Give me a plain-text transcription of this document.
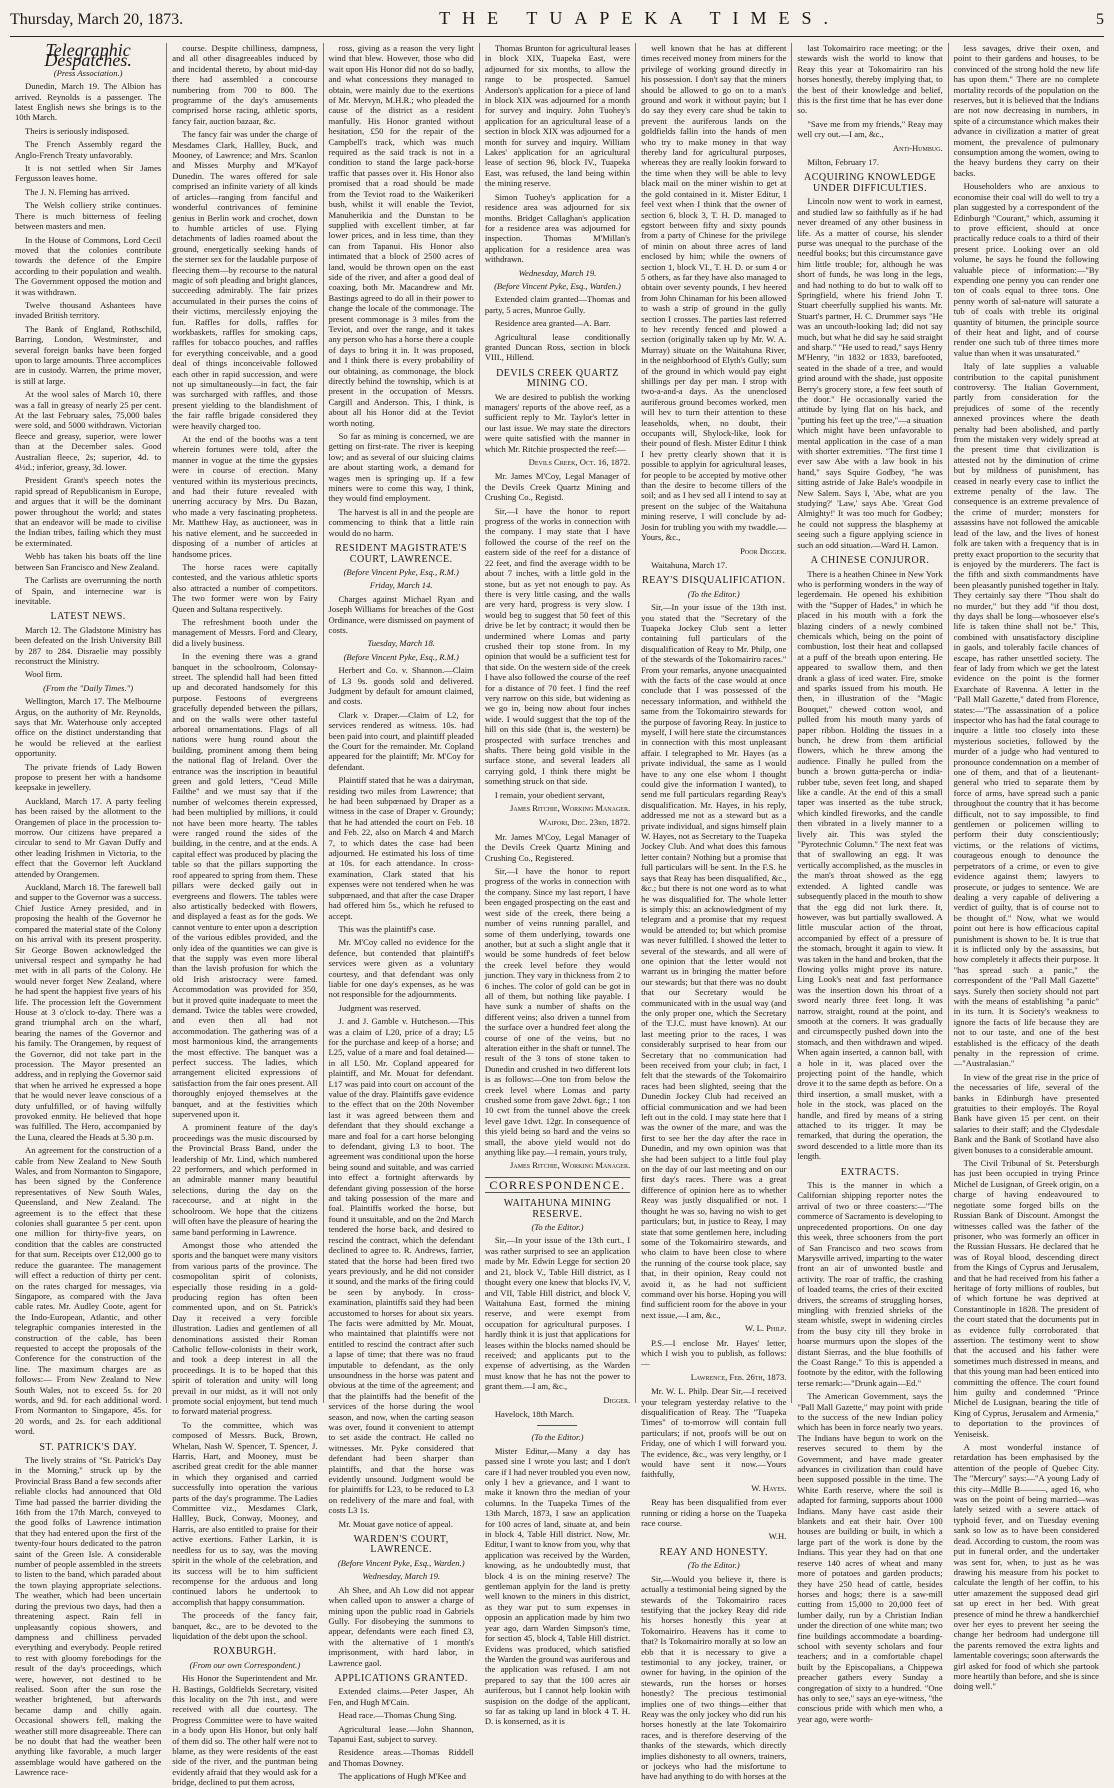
Thursday, March 20, 1873.	THE TUAPEKA TIMES.	5
Telegraphic Despatches.
(Press Association.)

Dunedin, March 19. The Albion has arrived. Reynolds is a passenger. The latest English news she brings is to the 10th March.

Theirs is seriously indisposed.

The French Assembly regard the Anglo-French Treaty unfavorably.

It is not settled when Sir James Fergusson leaves home.

The J. N. Fleming has arrived.

The Welsh colliery strike continues. There is much bitterness of feeling between masters and men.

In the House of Commons, Lord Cecil moved that the colonies contribute towards the defence of the Empire according to their population and wealth. The Government opposed the motion and it was withdrawn.

Twelve thousand Ashantees have invaded British territory.

The Bank of England, Rothschild, Barring, London, Westminster, and several foreign banks have been forged upon to large amounts. Three accomplices are in custody. Warren, the prime mover, is still at large.

At the wool sales of March 10, there was a fall in greasy of nearly 25 per cent. At the last February sales, 75,000 bales were sold, and 5000 withdrawn. Victorian fleece and greasy, superior, were lower than at the December sales. Good Australian fleece, 2s; superior, 4d. to 4½d.; inferior, greasy, 3d. lower.

President Grant's speech notes the rapid spread of Republicanism in Europe, and argues that it will be the dominant power throughout the world; and states that an endeavor will be made to civilise the Indian tribes, failing which they must be exterminated.

Webb has taken his boats off the line between San Francisco and New Zealand.

The Carlists are overrunning the north of Spain, and internecine war is inevitable.

LATEST NEWS.

March 12. The Gladstone Ministry has been defeated on the Irish University Bill by 287 to 284. Disraelie may possibly reconstruct the Ministry.

Wool firm.

(From the "Daily Times.")

Wellington, March 17. The Melbourne Argus, on the authority of Mr. Reynolds, says that Mr. Waterhouse only accepted office on the distinct understanding that he would be relieved at the earliest opportunity.

The private friends of Lady Bowen propose to present her with a handsome keepsake in jewellery.

Auckland, March 17. A party feeling has been raised by the allotment to the Orangemen of place in the procession to-morrow. Our citizens have prepared a circular to send to Mr Gavan Duffy and other leading Irishmen in Victoria, to the effect that the Governor left Auckland attended by Orangemen.

Auckland, March 18. The farewell ball and supper to the Governor was a success. Chief Justice Arney presided, and in proposing the health of the Governor he compared the material state of the Colony on his arrival with its present prosperity. Sir George Bowen acknowledged the universal respect and sympathy he had met with in all parts of the Colony. He would never forget New Zealand, where he had spent the happiest five years of his life. The procession left the Government House at 3 o'clock to-day. There was a grand triumphal arch on the wharf, bearing the names of the Governor and his family. The Orangemen, by request of the Governor, did not take part in the procession. The Mayor presented an address, and in replying the Governor said that when he arrived he expressed a hope that he would never leave conscious of a duty unfulfilled, or of having wilfully provoked enmity. He believed that hope was fulfilled. The Hero, accompanied by the Luna, cleared the Heads at 5.30 p.m.

An agreement for the construction of a cable from New Zealand to New South Wales, and from Normanton to Singapore, has been signed by the Conference representatives of New South Wales, Queensland, and New Zealand. The agreement is to the effect that these colonies shall guarantee 5 per cent. upon one million for thirty-five years, on condition that the cables are constructed for that sum. Receipts over £12,000 go to reduce the guarantee. The management will effect a reduction of thirty per cent. on the rates charged for messages, via Singapore, as compared with the Java cable rates. Mr. Audley Coote, agent for the Indo-European, Atlantic, and other telegraphic companies interested in the construction of the cable, has been requested to accept the proposals of the Conference for the construction of the line. The maximum charges are as follows:— From New Zealand to New South Wales, not to exceed 5s. for 20 words, and 9d. for each additional word. From Normanton to Singapore, 45s. for 20 words, and 2s. for each additional word.

ST. PATRICK'S DAY.

The lively strains of "St. Patrick's Day in the Morning," struck up by the Provincial Brass Band a few seconds after reliable clocks had announced that Old Time had passed the barrier dividing the 16th from the 17th March, conveyed to the good folks of Lawrence intimation that they had entered upon the first of the twenty-four hours dedicated to the patron saint of the Green Isle. A considerable number of people assembled in the streets to listen to the band, which paraded about the town playing appropriate selections. The weather, which had been uncertain during the previous two days, had then a threatening aspect. Rain fell in unpleasantly copious showers, and dampness and chilliness pervaded everything and everybody. People retired to rest with gloomy forebodings for the result of the day's proceedings, which were, however, not destined to be realised. Soon after the sun rose the weather brightened, but afterwards became damp and chilly again. Occasional showers fell, making the weather still more disagreeable. There can be no doubt that had the weather been anything like favorable, a much larger assemblage would have gathered on the Lawrence race-

course. Despite chilliness, dampness, and all other disagreeables induced by and incidental thereto, by about mid-day there had assembled a concourse numbering from 700 to 800. The programme of the day's amusements comprised horse racing, athletic sports, fancy fair, auction bazaar, &c.

The fancy fair was under the charge of Mesdames Clark, Hallley, Buck, and Mooney, of Lawrence; and Mrs. Scanlon and Misses Murphy and M'Kayof Dunedin. The wares offered for sale comprised an infinite variety of all kinds of articles—ranging from fanciful and wonderful contrivances of feminine genius in Berlin work and crochet, down to humble articles of use. Flying detachments of ladies roamed about the ground, energetically seeking hands of the sterner sex for the laudable purpose of fleecing them—by recourse to the natural magic of soft pleading and bright glances, succeeding admirably. The fair prizes accumulated in their purses the coins of their victims, mercilessly enjoying the fun. Raffles for dolls, raffles for workbaskets, raffles for smoking caps, raffles for tobacco pouches, and raffles for everything conceivable, and a good deal of things inconceivable followed each other in rapid succession, and were not up simultaneously—in fact, the fair was surcharged with raffles, and those present yielding to the blandishment of the fair raffle brigade considered they were heavily charged too.

At the end of the booths was a tent wherein fortunes were told, after the manner in vogue at the time the gypsies were in course of erection. Many ventured within its mysterious precincts, and had their future revealed with unerring accuracy by Mrs. Du Bazan, who made a very fascinating prophetess. Mr. Matthew Hay, as auctioneer, was in his native element, and he succeeded in disposing of a number of articles at handsome prices.

The horse races were capitally contested, and the various athletic sports also attracted a number of competitors. The two former were won by Fairy Queen and Sultana respectively.

The refreshment booth under the management of Messrs. Ford and Cleary, did a lively business.

In the evening there was a grand banquet in the schoolroom, Colonsay-street. The splendid hall had been fitted up and decorated handsomely for this purpose. Festoons of evergreens gracefully depended between the pillars, and on the walls were other tasteful arboreal ornamentations. Flags of all nations were hung round about the building, prominent among them being the national flag of Ireland. Over the entrance was the inscription in beautiful green and gold letters, "Ceud Mille Failthe" and we must say that if the number of welcomes therein expressed, had been multiplied by millions, it could not have been more hearty. The tables were ranged round the sides of the building, in the centre, and at the ends. A capital effect was produced by placing the table so that the pillars supporting the roof appeared to spring from them. These pillars were decked gaily out in evergreens and flowers. The tables were also artistically bedecked with flowers, and displayed a feast as for the gods. We cannot venture to enter upon a description of the various edibles provided, and the only idea of the quantities we can give is that the supply was even more liberal than the lavish profusion for which the old Irish aristocracy were famed. Accommodation was provided for 350, but it proved quite inadequate to meet the demand. Twice the tables were crowded, and even then all had not accommodation. The gathering was of a most harmonious kind, the arrangements the most effective. The banquet was a perfect success. The ladies, which arrangement elicited expressions of satisfaction from the fair ones present. All thoroughly enjoyed themselves at the banquet, and at the festivities which supervened upon it.

A prominent feature of the day's proceedings was the music discoursed by the Provincial Brass Band, under the leadership of Mr. Lind, which numbered 22 performers, and which performed in an admirable manner many beautiful selections, during the day on the racecourse, and at night in the schoolroom. We hope that the citizens will often have the pleasure of hearing the same band performing in Lawrence.

Amongst those who attended the sports and the banquet were many visitors from various parts of the province. The cosmopolitan spirit of colonists, especially those residing in a gold-producing region has often been commented upon, and on St. Patrick's Day it received a very forcible illustration. Ladies and gentlemen of all denominations assisted their Roman Catholic fellow-colonists in their work, and took a deep interest in all the proceedings. It is to be hoped that this spirit of toleration and unity will long prevail in our midst, as it will not only promote social enjoyment, but tend much to forward material progress.

To the committee, which was composed of Messrs. Buck, Brown, Whelan, Nash W. Spencer, T. Spencer, J. Harris, Hart, and Mooney, must be ascribed great credit for the able manner in which they organised and carried successfully into operation the various parts of the day's programme. The Ladies Committee viz., Mesdames Clark, Hallley, Buck, Conway, Mooney, and Harris, are also entitled to praise for their active exertions. Father Larkin, it is needless for us to say, was the moving spirit in the whole of the celebration, and its success will be to him sufficient recompense for the arduous and long continued labors he undertook to accomplish that happy consummation.

The proceeds of the fancy fair, banquet, &c., are to be devoted to the liquidation of the debt upon the school.

ROXBURGH.
(From our own Correspondent.)

His Honor the Superintendent and Mr. H. Bastings, Goldfields Secretary, visited this locality on the 7th inst., and were received with all due courtesy. The Progress Committee were to have waited in a body upon His Honor, but only half of them did so. The other half were not to blame, as they were residents of the east side of the river, and the puntman being evidently afraid that they would ask for a bridge, declined to put them across,

ross, giving as a reason the very light wind that blew. However, those who did wait upon His Honor did not do so badly, and what concessions they managed to obtain, were mainly due to the exertions of Mr. Mervyn, M.H.R.; who pleaded the cause of the district as a resident manfully. His Honor granted without hesitation, £50 for the repair of the Campbell's track, which was much required as the said track is not in a condition to stand the large pack-horse traffic that passes over it. His Honor also promised that a road should be made from the Teviot road to the Waikerikeri bush, whilst it will enable the Teviot, Manuherikia and the Dunstan to be supplied with excellent timber, at far lower prices, and in less time, than they can from Tapanui. His Honor also intimated that a block of 2500 acres of land, would be thrown open on the east side of the river, and after a good deal of coaxing, both Mr. Macandrew and Mr. Bastings agreed to do all in their power to change the locale of the commonage. The present commonage is 3 miles from the Teviot, and over the range, and it takes any person who has a horse there a couple of days to bring it in. It was proposed, and I think there is every probability of our obtaining, as commonage, the block directly behind the township, which is at present in the occupation of Messrs. Cargill and Anderson. This, I think, is about all his Honor did at the Teviot worth noting.

So far as mining is concerned, we are getting on first-rate. The river is keeping low; and as several of our sluicing claims are about starting work, a demand for wages men is springing up. If a few miners were to come this way, I think, they would find employment.

The harvest is all in and the people are commencing to think that a little rain would do no harm.

RESIDENT MAGISTRATE'S COURT, LAWRENCE.
(Before Vincent Pyke, Esq., R.M.)
Friday, March 14.

Charges against Michael Ryan and Joseph Williams for breaches of the Gost Ordinance, were dismissed on payment of costs.

Tuesday, March 18.
(Before Vincent Pyke, Esq., R.M.)

Herbert and Co. v. Shannon.—Claim of L3 9s. goods sold and delivered. Judgment by default for amount claimed, and costs.

Clark v. Draper.—Claim of L2, for services rendered as witness. 10s. had been paid into court, and plaintiff pleaded the Court for the remainder. Mr. Copland appeared for the plaintiff; Mr. M'Coy for defendant.

Plaintiff stated that he was a dairyman, residing two miles from Lawrence; that he had been subpœnaed by Draper as a witness in the case of Draper v. Groundy; that he had attended the court on Feb. 18 and Feb. 22, also on March 4 and March 7, to which dates the case had been adjourned. He estimated his loss of time at 10s. for each attendance. In cross-examination, Clark stated that his expenses were not tendered when he was subpœnaed, and that after the case Draper had offered him 5s., which he refused to accept.

This was the plaintiff's case.

Mr. M'Coy called no evidence for the defence, but contended that plaintiff's services were given as a voluntary courtesy, and that defendant was only liable for one day's expenses, as he was not responsible for the adjournments.

Judgment was reserved.

J. and J. Gamble v. Hutcheson.—This was a claim of L20, price of a dray; L5 for the purchase and keep of a horse; and L25, value of a mare and foal detained—in all L50. Mr. Copland appeared for plaintiff, and Mr. Mouat for defendant. L17 was paid into court on account of the value of the dray. Plaintiffs gave evidence to the effect that on the 20th November last it was agreed between them and defendant that they should exchange a mare and foal for a cart horse belonging to defendant, giving L3 to boot. The agreement was conditional upon the horse being sound and suitable, and was carried into effect a fortnight afterwards by defendant giving possession of the horse and taking possession of the mare and foal. Plaintiffs worked the horse, but found it unsuitable, and on the 2nd March tendered the horse back, and desired to rescind the contract, which the defendant declined to agree to. R. Andrews, farrier, stated that the horse had been fired two years previously, and he did not consider it sound, and the marks of the firing could be seen by anybody. In cross-examination, plaintiffs said they had been accustomed to horses for about six years. The facts were admitted by Mr. Mouat, who maintained that plaintiffs were not entitled to rescind the contract after such a lapse of time; that there was no fraud imputable to defendant, as the only unsoundness in the horse was patent and obvious at the time of the agreement; and that the plaintiffs had the benefit of the services of the horse during the wool season, and now, when the carting season was over, found it convenient to attempt to set aside the contract. He called no witnesses. Mr. Pyke considered that defendant had been sharper than plaintiffs, and that the horse was evidently unsound. Judgment would be for plaintiffs for L23, to be reduced to L3 on redelivery of the mare and foal, with costs L3 1s.

Mr. Mouat gave notice of appeal.

WARDEN'S COURT, LAWRENCE.
(Before Vincent Pyke, Esq., Warden.)
Wednesday, March 19.

Ah Shee, and Ah Low did not appear when called upon to answer a charge of mining upon the public road in Gabriels Gully. For disobeying the summons to appear, defendants were each fined £3, with the alternative of 1 month's imprisonment, with hard labor, in Lawrence gaol.

APPLICATIONS GRANTED.

Extended claims.—Peter Jasper, Ah Fen, and Hugh M'Cain.

Head race.—Thomas Chung Sing.

Agricultural lease.—John Shannon, Tapanui East, subject to survey.

Residence areas.—Thomas Riddell and Thomas Downey.

The applications of Hugh M'Kee and

Thomas Brunton for agricultural leases in block XIX, Tuapeka East, were adjourned for six months, to allow the range to be prospected. Samuel Anderson's application for a piece of land in block XIX was adjourned for a month for survey and inquiry. John Tuohey's application for an agricultural lease of a section in block XIX was adjourned for a month for survey and inquiry. William Lakes' application for an agricultural lease of section 96, block IV., Tuapeka East, was refused, the land being within the mining reserve.

Simon Tuohey's application for a residence area was adjourned for six months. Bridget Callaghan's application for a residence area was adjourned for inspection. Thomas M'Millan's application for a residence area was withdrawn.

Wednesday, March 19.
(Before Vincent Pyke, Esq., Warden.)

Extended claim granted—Thomas and party, 5 acres, Munroe Gully.

Residence area granted—A. Barr.

Agricultural lease conditionally granted Duncan Ross, section in block VIII., Hillend.

DEVILS CREEK QUARTZ MINING CO.

We are desired to publish the working managers' reports of the above reef, as a sufficient reply to Mr. Taylor's letter in our last issue. We may state the directors were quite satisfied with the manner in which Mr. Ritchie prospected the reef:—

Devils Creek, Oct. 16, 1872.

Mr. James M'Coy, Legal Manager of the Devils Creek Quartz Mining and Crushing Co., Registd.

Sir,—I have the honor to report progress of the works in connection with the company. I may state that I have followed the course of the reef on the eastern side of the reef for a distance of 22 feet, and find the average width to be about 7 inches, with a little gold in the stone, but as yet not enough to pay. As there is very little casing, and the walls are very hard, progress is very slow. I would beg to suggest that 50 feet of this drive be let by contract; it would then be undermined where Lomas and party crushed their top stone from. In my opinion that would be a sufficient test for that side. On the western side of the creek I have also followed the course of the reef for a distance of 70 feet. I find the reef very narrow on this side, but widening as we go in, being now about four inches wide. I would suggest that the top of the hill on this side (that is, the western) be prospected with surface trenches and shafts. There being gold visible in the surface stone, and several leaders all carrying gold, I think there might be something struck on that side.

I remain, your obedient servant,

James Ritchie, Working Manager.
Waipori, Dec. 23rd, 1872.

Mr. James M'Coy, Legal Manager of the Devils Creek Quartz Mining and Crushing Co., Registered.

Sir,—I have the honor to report progress of the works in connection with the company. Since my last report, I have been engaged prospecting on the east and west side of the creek, there being a number of veins running parallel, and some of them underlying, towards one another, but at such a slight angle that it would be some hundreds of feet below the creek level before they would junction. They vary in thickness from 2 to 6 inches. The color of gold can be got in all of them, but nothing like payable. I have sunk a number of shafts on the different veins; also driven a tunnel from the surface over a hundred feet along the course of one of the veins, but no alteration either in the shaft or tunnel. The result of the 3 tons of stone taken to Dunedin and crushed in two different lots is as follows:—One ton from below the creek level where Lomas and party crushed some from gave 2dwt. 6gr.; 1 ton 10 cwt from the tunnel above the creek level gave 1dwt. 12gr. In consequence of this yield being so hard and the veins so small, the above yield would not do anything like pay.—I remain, yours truly,

James Ritchie, Working Manager.
CORRESPONDENCE.
WAITAHUNA MINING RESERVE.
(To the Editor.)

Sir,—In your issue of the 13th curt., I was rather surprised to see an application made by Mr. Edwin Legge for section 20 and 21, block V., Table Hill district, as I thought every one knew that blocks IV, V, and VII, Table Hill district, and block V, Waitahuna East, formed the mining reserve, and were exempt from occupation for agricultural purposes. I hardly think it is just that applications for leases within the blocks named should be received; and applicants put to the expense of advertising, as the Warden must know that he has not the power to grant them.—I am, &c.,

Digger.

Havelock, 18th March.

(To the Editor.)

Mister Editur,—Many a day has passed sine I wrote you last; and I don't care if I had never troubled you even now, only I hev a grievance, and I want to make it known thro the median of your columns. In the Tuapeka Times of the 13th March, 1873, I saw an application for 100 acres of land, situate at, and bein in block 4, Table Hill district. Now, Mr. Editur, I want to know from you, why that application was received by the Warden, knowing, as he undoubtedly must, that block 4 is on the mining reserve? The gentleman applyin for the land is pretty well known to the miners in this district, as they war put to sum expenses in opposin an application made by him two year ago, darn Warden Simpson's time, for section 45, block 4, Table Hill district. Evidens was produced, which satisfied the Warden the ground was auriferous and the application was refused. I am not prepared to say that the 100 acres air auriferous, but I cannot help lookin with suspision on the dodge of the applicant, so far as taking up land in block 4 T. H. D. is konserned, as it is

well known that he has at different times received money from miners for the privilege of working ground directly in his possession. I don't say that the miners should be allowed to go on to a man's ground and work it without payin; but I do say they every care shud be takin to prevent the auriferous lands on the goldfields fallin into the hands of men who try to make money in that way thereby land for agricultural purposes, whereas they are really lookin forward to the time when they will be able to levy black mail on the miner wishin to get at the gold contained in it. Mister Editur, I feel vext when I think that the owner of section 6, block 3, T. H. D. managed to egstort between fifty and sixty pounds from a party of Chinese for the privilege of minin on about three acres of land enclosed by him; while the owners of section 1, block VI., T. H. D. or sum 4 or 5 others, as far they have also managed to obtain over seventy pounds, I hev heered from John Chinaman for his been allowed to wash a strip of ground in the gully section I crosses. The parties last referred to hev recently fenced and plowed a section (originally taken up by Mr. W. A. Murray) situate on the Waitahuna River, in the neighborhood of Elyth's Gully; sum of the ground in which would pay eight shillings per day per man. I strop with two-a-and-a days. As the unenclosed auriferous ground becomes worked, men will hev to turn their attention to these leaseholds, when, no doubt, their occupants will, Shylock-like, look for their pound of flesh. Mister Editur I think I hev pretty clearly shown that it is possible to applyin for agricultural leases, for people to be accepted by motive other than the desire to become tillers of the soil; and as I hev sed all I intend to say at present on the subjec of the Waitahuna mining reserve, I will conclude by ad-Josin for trubling you with my twaddle.—Yours, &c.,

Poor Digger.

Waitahuna, March 17.

REAY'S DISQUALIFICATION.
(To the Editor.)

Sir,—In your issue of the 13th inst. you stated that the "Secretary of the Tuapeka Jockey Club sent a letter containing full particulars of the disqualification of Reay to Mr. Philp, one of the stewards of the Tokomairiro races." From your remarks, anyone unacquainted with the facts of the case would at once conclude that I was possessed of the necessary information, and withheld the same from the Tokomairiro stewards for the purpose of favoring Reay. In justice to myself, I will here state the circumstances in connection with this most unpleasant affair. I telegraphed to Mr. Hayes (as a private individual, the same as I would have to any one else whom I thought could give the information I wanted), to send me full particulars regarding Reay's disqualification. Mr. Hayes, in his reply, addressed me not as a steward but as a private individual, and signs himself plain W. Hayes, not as Secretary to the Tuapeka Jockey Club. And what does this famous letter contain? Nothing but a promise that full particulars will be sent. In the F.S. he says that Reay has been disqualified, &c., &c.; but there is not one word as to what he was disqualified for. The whole letter is simply this: an acknowledgment of my telegram and a promise that my request would be attended to; but which promise was never fulfilled. I showed the letter to several of the stewards, and all were of one opinion that the letter would not warrant us in bringing the matter before our stewards; but that there was no doubt that our Secretary would be communicated with in the usual way (and the only proper one, which the Secretary of the T.J.C. must have known). At our last meeting prior to the races, I was considerably surprised to hear from our Secretary that no communication had been received from your club; in fact, I felt that the stewards of the Tokomairiro races had been slighted, seeing that the Dunedin Jockey Club had received an official communication and we had been left out in the cold. I may state here that I was the owner of the mare, and was the first to see her the day after the race in Dunedin, and my own opinion was that she had been subject to a little foul play on the day of our last meeting and on our first day's races. There was a great difference of opinion here as to whether Reay was justly disqualified or not. I thought he was so, having no wish to get particulars; but, in justice to Reay, I may state that some gentlemen here, including some of the Tokomairiro stewards, and who claim to have been close to where the running of the course took place, say that, in their opinion, Reay could not avoid it, as he had not sufficient command over his horse. Hoping you will find sufficient room for the above in your next issue,—I am, &c.,

W. L. Philp.

P.S.—I enclose Mr. Hayes' letter, which I wish you to publish, as follows:—

Lawrence, Feb. 26th, 1873.

Mr. W. L. Philp. Dear Sir,—I received your telegram yesterday relative to the disqualification of Reay. The "Tuapeka Times" of to-morrow will contain full particulars; if not, proofs will be out on Friday, one of which I will forward you. The evidence, &c., was very lengthy, or I would have sent it now.—Yours faithfully,

W. Hayes.

Reay has been disqualified from ever running or riding a horse on the Tuapeka race course.

W.H.
REAY AND HONESTY.
(To the Editor.)

Sir,—Would you believe it, there is actually a testimonial being signed by the stewards of the Tokomairiro races testifying that the jockey Reay did ride his horses honestly this year at Tokomairiro. Heavens has it come to that? Is Tokomairiro morally at so low an ebb that it is necessary to give a testimonial to any jockey, trainer, or owner for having, in the opinion of the stewards, run the horses or horses honestly? The precious testimonial implies one of two things—either that Reay was the only jockey who did run his horses honestly at the late Tokomairiro races, and is therefore deserving of the thanks of the stewards, which directly implies dishonesty to all owners, trainers, or jockeys who had the misfortune to have had anything to do with horses at the

last Tokomairiro race meeting; or the stewards wish the world to know that Reay this year at Tokomairiro ran his horses honestly, thereby implying that, to the best of their knowledge and belief, this is the first time that he has ever done so.

"Save me from my friends," Reay may well cry out.—I am, &c.,

Anti-Humbug.

Milton, February 17.

ACQUIRING KNOWLEDGE UNDER DIFFICULTIES.

Lincoln now went to work in earnest, and studied law so faithfully as if he had never dreamed of any other business in life. As a matter of course, his slender purse was unequal to the purchase of the needful books; but this circumstance gave him little trouble; for, although he was short of funds, he was long in the legs, and had nothing to do but to walk off to Springfield, where his friend John T. Stuart cheerfully supplied his wants. Mr. Stuart's partner, H. C. Drummer says "He was an uncouth-looking lad; did not say much, but what he did say he said straight and sharp." "He used to read," says Henry M'Henry, "in 1832 or 1833, barefooted, seated in the shade of a tree, and would grind around with the shade, just opposite Berry's grocery store, a few feet south of the door." He occasionally varied the attitude by lying flat on his back, and "putting his feet up the tree,"—a situation which might have been unfavorable to mental application in the case of a man with shorter extremities. "The first time I ever saw Abe with a law book in his hand," says Squire Godbey, "he was sitting astride of Jake Bale's woodpile in New Salem. Says I, 'Abe, what are you studying?' 'Law,' says Abe. 'Great God Almighty!' It was too much for Godbey; he could not suppress the blasphemy at seeing such a figure applying science in such an odd situation.—Ward H. Lamon.

A CHINESE CONJUROR.

There is a heathen Chinee in New York who is performing wonders in the way of legerdemain. He opened his exhibition with the "Supper of Hades," in which he placed in his mouth with a fork the blazing cinders of a newly combined chemicals which, being on the point of combustion, lost their heat and collapsed at a puff of the breath upon entering. He appeared to swallow them, and then drank a glass of iced water. Fire, smoke and sparks issued from his mouth. He then, in illustration of the "Magic Bouquet," chewed cotton wool, and pulled from his mouth many yards of paper ribbon. Holding the tissues in a bunch, he drew from them artificial flowers, which he threw among the audience. Finally he pulled from the bunch a brown gutta-percha or india-rubber tube, seven feet long, and shaped like a candle. At the end of this a small taper was inserted as the tube struck, which kindled fireworks, and the candle then vibrated in a lively manner to a lively air. This was styled the "Pyrotechnic Column." The next feat was that of swallowing an egg. It was vertically accomplished, as the muscles in the man's throat showed as the egg extended. A lighted candle was subsequently placed in the mouth to show that the egg did not lurk there. It, however, was but partially swallowed. A little muscular action of the throat, accompanied by effect of a pressure of the stomach, brought it again to view. It was taken in the hand and broken, that the flowing yolks might prove its nature. Ling Look's neat and fast performance was the insertion down his throat of a sword nearly three feet long. It was narrow, straight, round at the point, and smooth at the corners. It was gradually and circumspectly pushed down into the stomach, and then withdrawn and wiped. When again inserted, a cannon ball, with a hole in it, was placed over the projecting point of the handle, which drove it to the same depth as before. On a third insertion, a small musket, with a hole in the stock, was placed on the handle, and fired by means of a string attached to its trigger. It may be remarked, that during the operation, the sword descended to a little more than its length.

EXTRACTS.

This is the manner in which a Californian shipping reporter notes the arrival of two or three coasters:—"The commerce of Sacramento is developing to unprecedented proportions. On one day this week, three schooners from the port of San Francisco and two scows from Marysville arrived, imparting to the water front an air of unwonted bustle and activity. The roar of traffic, the crashing of loaded teams, the cries of their excited drivers, the screams of struggling horses, mingling with frenzied shrieks of the steam whistle, swept in widening circles from the busy city till they broke in hoarse murmurs upon the slopes of the distant Sierras, and the blue foothills of the Coast Range." To this is appended a footnote by the editor, with the following terse remark:—"Drunk again—Ed."

The American Government, says the "Pall Mall Gazette," may point with pride to the success of the new Indian policy which has been in force nearly two years. The Indians have begun to work on the reserves secured to them by the Government, and have made greater advances in civilization than could have been supposed possible in the time. The White Earth reserve, where the soil is adapted for farming, supports about 1000 Indians. Many have cast aside their blankets and eat their hair. Over 100 houses are building or built, in which a large part of the work is done by the Indians. This year they had on that one reserve 140 acres of wheat and many more of potatoes and garden products; they have 250 head of cattle, besides horses and hogs; there is a saw-mill cutting from 15,000 to 20,000 feet of lumber daily, run by a Christian Indian under the direction of one white man; two fine buildings accommodate a boarding-school with seventy scholars and four teachers; and in a comfortable chapel built by the Episcopalians, a Chippewa preacher gathers every Sunday a congregation of sixty to a hundred. "One has only to see," says an eye-witness, "the conscious pride with which men who, a year ago, were worth-

less savages, drive their oxen, and point to their gardens and houses, to be convinced of the strong hold the new life has upon them." There are no complete mortality records of the population on the reserves, but it is believed that the Indians are not now decreasing in numbers, in spite of a circumstance which makes their advance in civilization a matter of great moment, the prevalence of pulmonary consumption among the women, owing to the heavy burdens they carry on their backs.

Householders who are anxious to economise their coal will do well to try a plan suggested by a correspondent of the Edinburgh "Courant," which, assuming it to prove efficient, should at once practically reduce coals to a third of their present price. Looking over an old volume, he says he found the following valuable piece of information:—"By expending one penny you can render one ton of coals equal to three tons. One penny worth of sal-nature will saturate a tub of coals with treble its original quantity of bitumen, the principle source of their heat and light, and of course render one such tub of three times more value than when it was unsaturated."

Italy of late supplies a valuable contribution to the capital punishment controversy. The Italian Government, partly from consideration for the prejudices of some of the recently annexed provinces where the death penalty had been abolished, and partly from the mistaken very widely spread at the present time that civilization is attested not by the diminution of crime but by mildness of punishment, has ceased in nearly every case to inflict the extreme penalty of the law. The consequence is an extreme prevalence of the crime of murder; monsters for assassins have not followed the amicable lead of the law, and the lives of honest folk are taken with a frequency that is in pretty exact proportion to the security that is enjoyed by the murderers. The fact is the fifth and sixth commandments have been pleasantly punished together in Italy. They certainly say there "Thou shalt do no murder," but they add "if thou dost, thy days shall be long—whosoever else's life is taken thine shall not be." This, combined with unsatisfactory discipline in gaols, and tolerably facile chances of escape, has rather unsettled society. The fear of lady from which we get the latest evidence on the point is the former Exarchate of Ravenna. A letter in the "Pall Mall Gazette," dated from Florence, states:—"The assassination of a police inspector who has had the fatal courage to inquire a little too closely into these mysterious societies, followed by the murder of a judge who had ventured to pronounce condemnation on a member of one of them, and that of a lieutenant-general who tried to separate them by force of arms, have spread such a panic throughout the country that it has become difficult, not to say impossible, to find gentlemen or policemen willing to perform their duty conscientiously; victims, or the relations of victims, courageous enough to denounce the perpetrators of a crime, or even to give evidence against them; lawyers to prosecute, or judges to sentence. We are dealing a very capable of delivering a verdict of guilty, that is of course not to be thought of." Now, what we would point out here is how efficacious capital punishment is shown to be. It is true that it is inflicted only by the assassins, but how completely it affects their purpose. It "has spread such a panic," the correspondent of the "Pall Mall Gazette" says. Surely then society should not part with the means of establishing "a panic" in its turn. It is Society's weakness to ignore the facts of life because they are not to our taste, and one of the best established is the efficacy of the death penalty in the repression of crime.—"Australasian."

In view of the great rise in the price of the necessaries of life, several of the banks in Edinburgh have presented gratuities to their employés. The Royal Bank have given 15 per cent. on their salaries to their staff; and the Clydesdale Bank and the Bank of Scotland have also given bonuses to a considerable amount.

The Civil Tribunal of St. Petersburgh has just been occupied in trying Prince Michel de Lusignan, of Greek origin, on a charge of having endeavoured to negotiate some forged bills on the Russian Bank of Discount. Amongst the witnesses called was the father of the prisoner, who was formerly an officer in the Russian Hussars. He declared that he was of Royal blood, descending direct from the Kings of Cyprus and Jerusalem, and that he had received from his father a heritage of forty millions of roubles, but of which fortune he was deprived at Constantinople in 1828. The president of the court stated that the documents put in as evidence fully corroborated that assertion. The testimony went to show that the accused and his father were sometimes much distressed in means, and that this young man had been enticed into committing the offence. The court found him guilty and condemned "Prince Michel de Lusignan, bearing the title of King of Cyprus, Jerusalem and Armenia," to deportation to the provinces of Yeniseisk.

A most wonderful instance of retardation has been emphasised by the attention of the people of Quebec City. The "Mercury" says:—"A young Lady of this city—Mdlle B———, aged 16, who was on the point of being married—was lately seized with a severe attack of typhoid fever, and on Tuesday evening sank so low as to have been considered dead. According to custom, the room was put in funeral order, and the undertaker was sent for, when, to just as he was drawing his measure from his pocket to calculate the length of her coffin, to his utter amazement the supposed dead girl sat up erect in her bed. With great presence of mind he threw a handkerchief over her eyes to prevent her seeing the change her bedroom had undergone till the parents removed the extra lights and lamentable coverings; soon afterwards the girl asked for food of which she partook more heartily than before, and she is since doing well."
